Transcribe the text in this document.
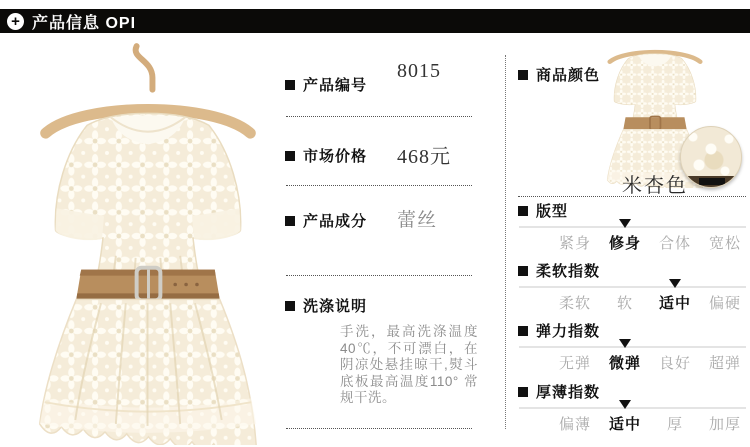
+ 产品信息 OPI
产品编号
8015
市场价格 468元
产品成分 蕾丝
洗涤说明
手洗，最高洗涤温度40℃，不可漂白，在阴凉处悬挂晾干,熨斗底板最高温度110° 常规干洗。
商品颜色
米杏色
版型
紧身	修身	合体	宽松
柔软指数
柔软	软	适中	偏硬
弹力指数
无弹	微弹	良好	超弹
厚薄指数
偏薄	适中	厚	加厚
